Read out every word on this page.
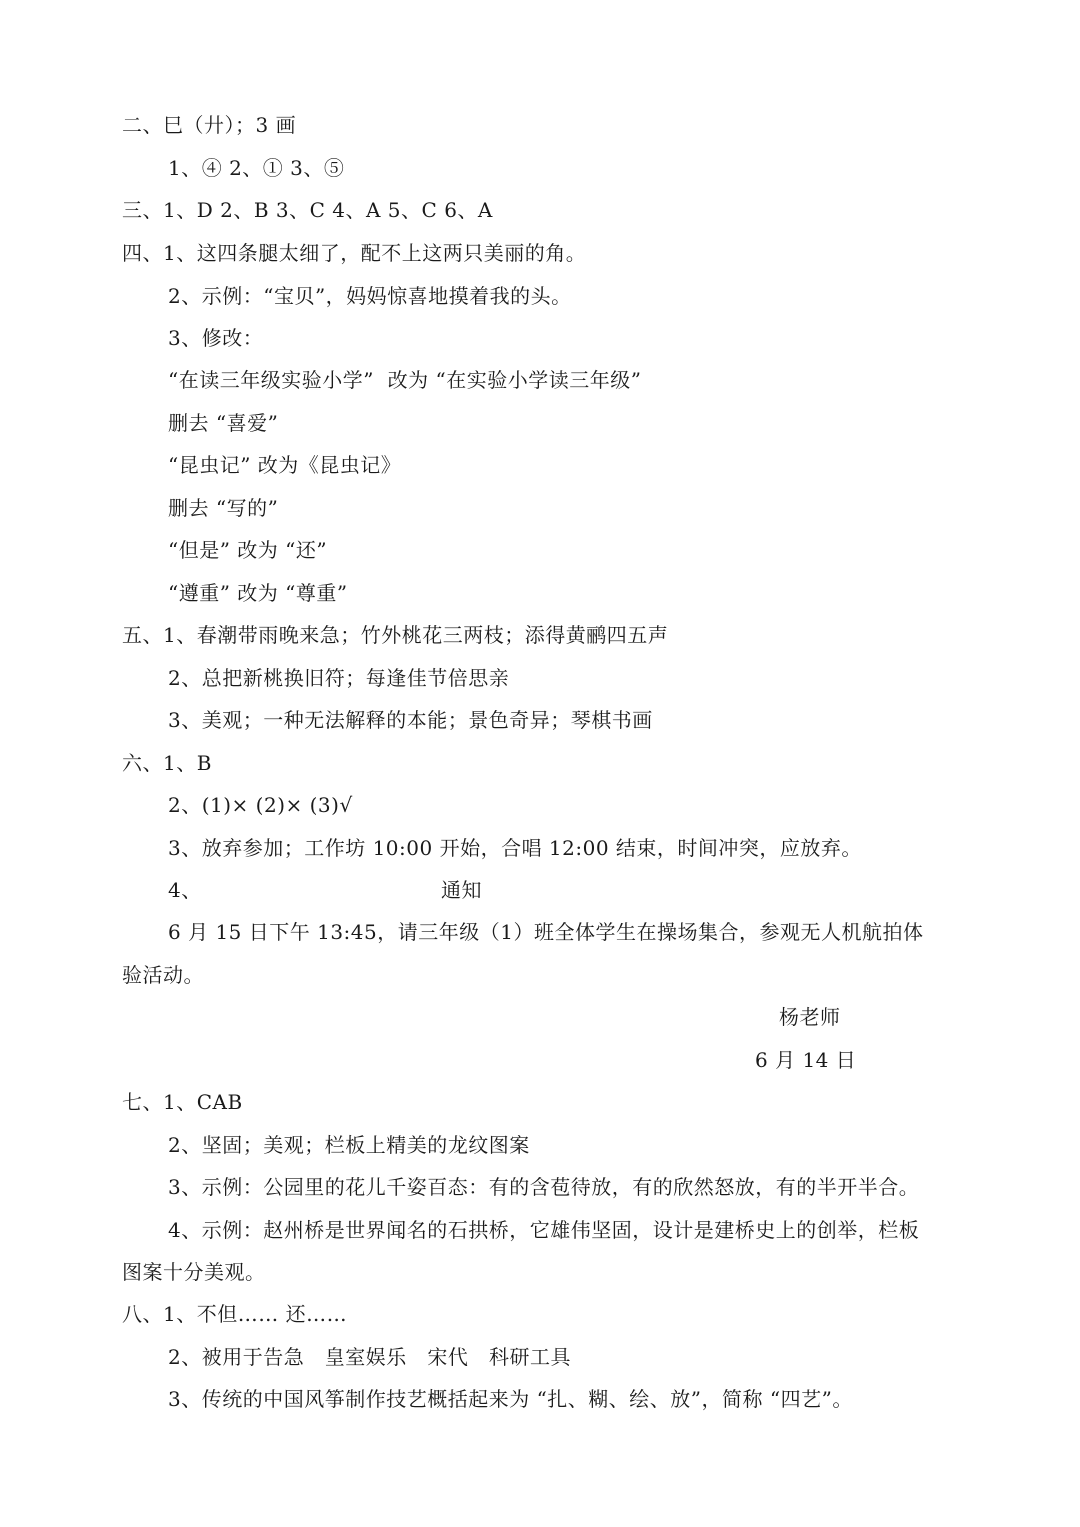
二、巳（廾）；3 画
1、④ 2、① 3、⑤
三、1、D 2、B 3、C 4、A 5、C 6、A
四、1、这四条腿太细了，配不上这两只美丽的角。
2、示例：“宝贝”，妈妈惊喜地摸着我的头。
3、修改：
“在读三年级实验小学”  改为 “在实验小学读三年级”
删去 “喜爱”
“昆虫记” 改为《昆虫记》
删去 “写的”
“但是” 改为 “还”
“遵重” 改为 “尊重”
五、1、春潮带雨晚来急；竹外桃花三两枝；添得黄鹂四五声
2、总把新桃换旧符；每逢佳节倍思亲
3、美观；一种无法解释的本能；景色奇异；琴棋书画
六、1、B
2、(1)× (2)× (3)√
3、放弃参加；工作坊 10:00 开始，合唱 12:00 结束，时间冲突，应放弃。
4、	通知
6 月 15 日下午 13:45，请三年级（1）班全体学生在操场集合，参观无人机航拍体
验活动。
杨老师
6 月 14 日
七、1、CAB
2、坚固；美观；栏板上精美的龙纹图案
3、示例：公园里的花儿千姿百态：有的含苞待放，有的欣然怒放，有的半开半合。
4、示例：赵州桥是世界闻名的石拱桥，它雄伟坚固，设计是建桥史上的创举，栏板
图案十分美观。
八、1、不但…… 还……
2、被用于告急   皇室娱乐   宋代   科研工具
3、传统的中国风筝制作技艺概括起来为 “扎、糊、绘、放”，简称 “四艺”。
